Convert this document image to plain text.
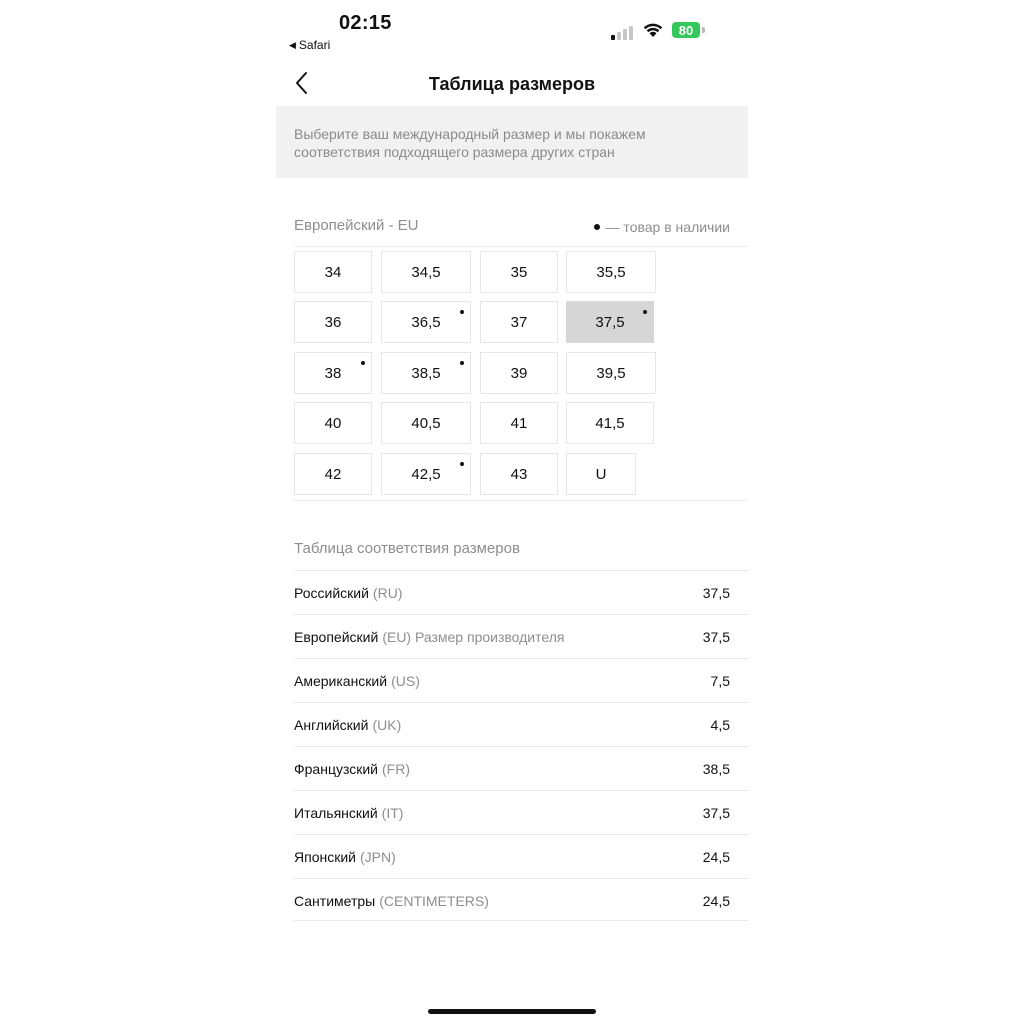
02:15
◀ Safari
80
Таблица размеров
Выберите ваш международный размер и мы покажем соответствия подходящего размера других стран
Европейский - EU	— товар в наличии
34	34,5	35	35,5
36	36,5	37	37,5
38	38,5	39	39,5
40	40,5	41	41,5
42	42,5	43	U
Таблица соответствия размеров
Российский (RU)	37,5
Европейский (EU) Размер производителя	37,5
Американский (US)	7,5
Английский (UK)	4,5
Французский (FR)	38,5
Итальянский (IT)	37,5
Японский (JPN)	24,5
Сантиметры (CENTIMETERS)	24,5
